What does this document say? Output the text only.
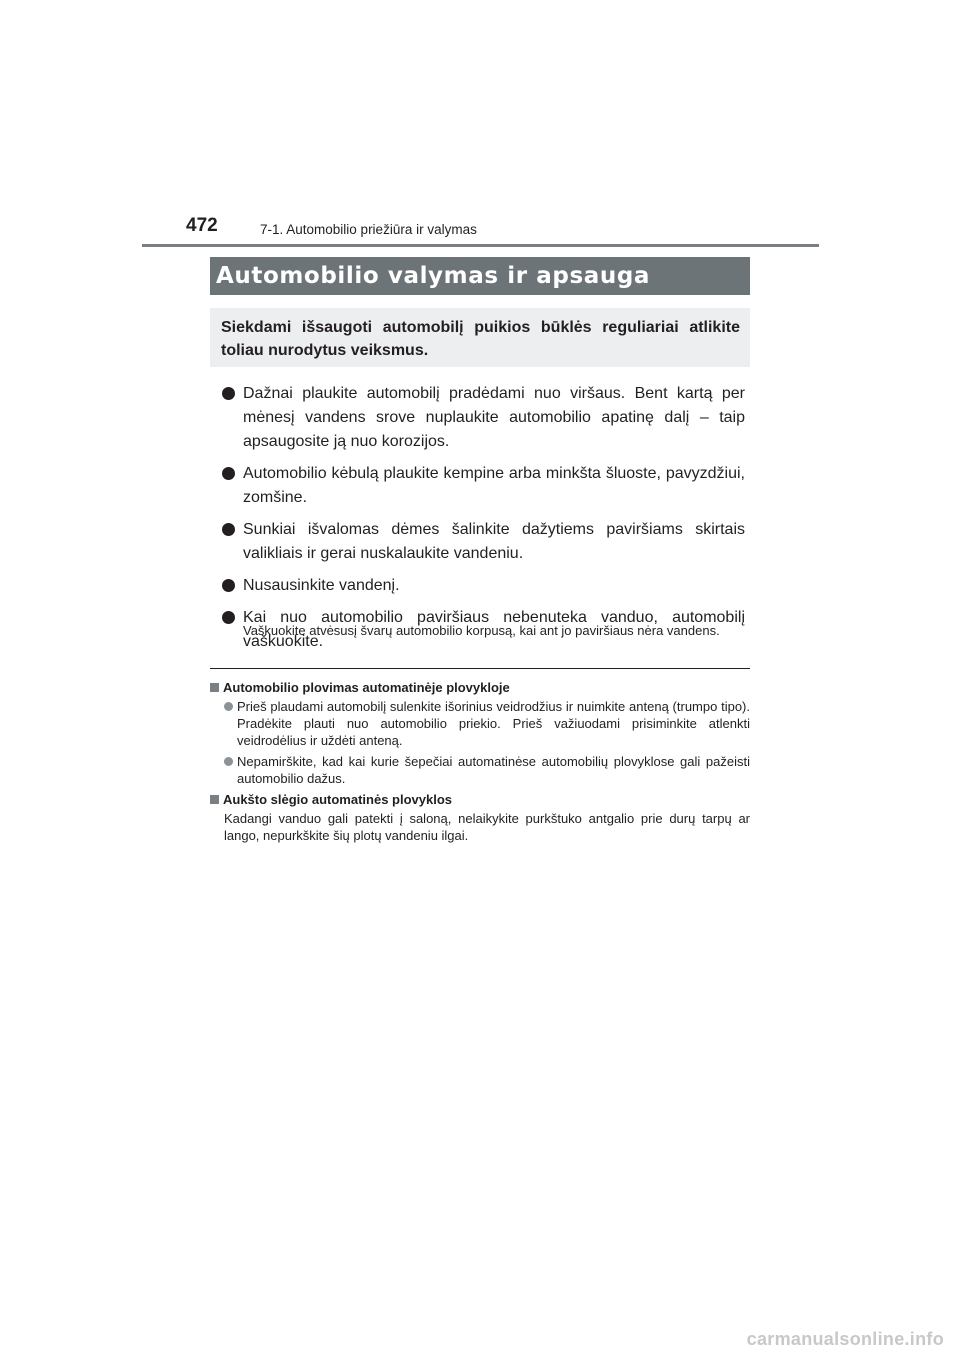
472	7-1. Automobilio priežiūra ir valymas
Automobilio valymas ir apsauga

Siekdami išsaugoti automobilį puikios būklės reguliariai atlikite toliau nurodytus veiksmus.

Dažnai plaukite automobilį pradėdami nuo viršaus. Bent kartą per mėnesį vandens srove nuplaukite automobilio apatinę dalį – taip apsaugosite ją nuo korozijos.
Automobilio kėbulą plaukite kempine arba minkšta šluoste, pavyzdžiui, zomšine.
Sunkiai išvalomas dėmes šalinkite dažytiems paviršiams skirtais valikliais ir gerai nuskalaukite vandeniu.
Nusausinkite vandenį.
Kai nuo automobilio paviršiaus nebenuteka vanduo, automobilį vaškuokite.

Vaškuokite atvėsusį švarų automobilio korpusą, kai ant jo paviršiaus nėra vandens.

Automobilio plovimas automatinėje plovykloje

Prieš plaudami automobilį sulenkite išorinius veidrodžius ir nuimkite anteną (trumpo tipo). Pradėkite plauti nuo automobilio priekio. Prieš važiuodami prisiminkite atlenkti veidrodėlius ir uždėti anteną.

Nepamirškite, kad kai kurie šepečiai automatinėse automobilių plovyklose gali pažeisti automobilio dažus.

Aukšto slėgio automatinės plovyklos

Kadangi vanduo gali patekti į saloną, nelaikykite purkštuko antgalio prie durų tarpų ar lango, nepurkškite šių plotų vandeniu ilgai.

carmanualsonline.info
